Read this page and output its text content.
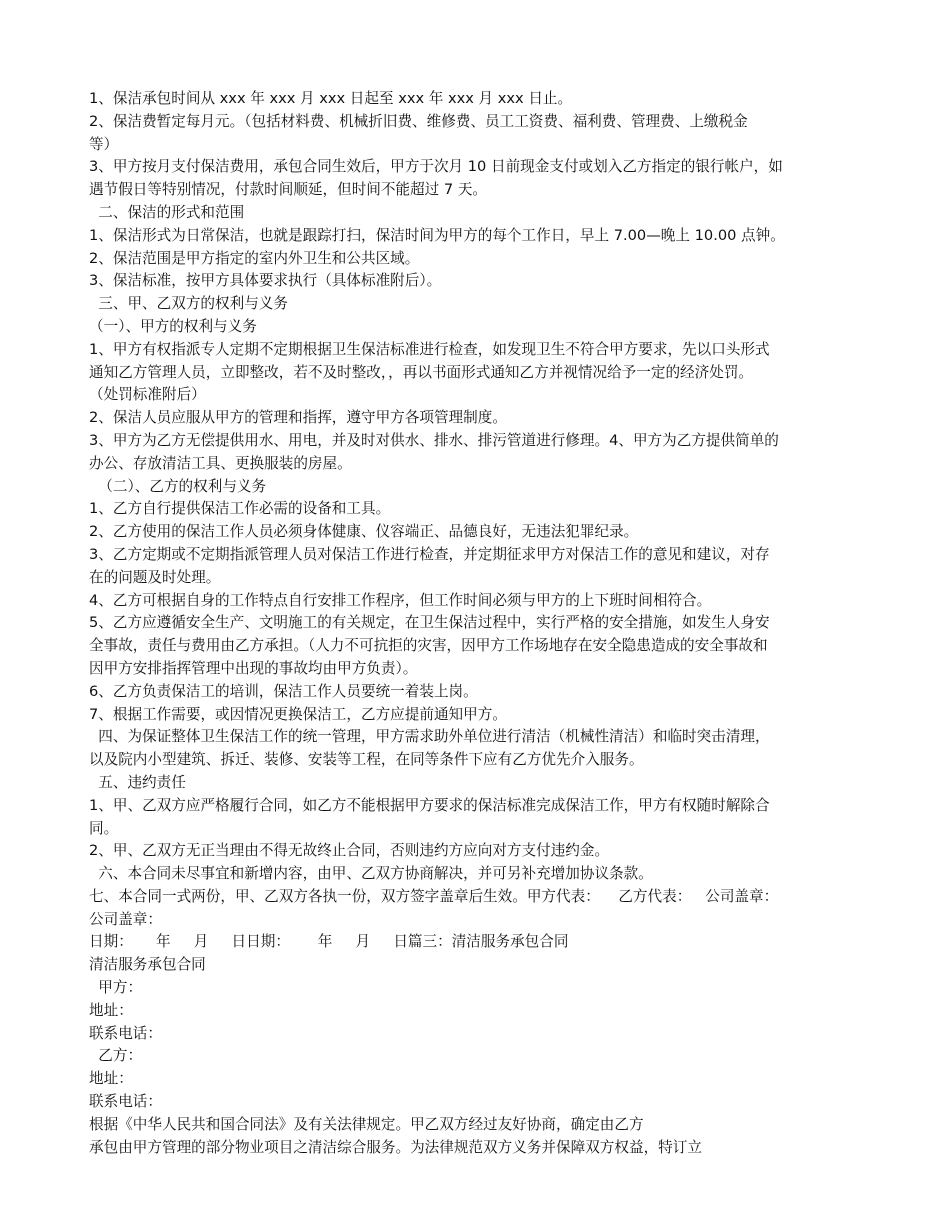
1、保洁承包时间从 xxx 年 xxx 月 xxx 日起至 xxx 年 xxx 月 xxx 日止。

2、保洁费暂定每月元。（包括材料费、机械折旧费、维修费、员工工资费、福利费、管理费、上缴税金

等）

3、甲方按月支付保洁费用，承包合同生效后，甲方于次月 10 日前现金支付或划入乙方指定的银行帐户，如

遇节假日等特别情况，付款时间顺延，但时间不能超过 7 天。

二、保洁的形式和范围

1、保洁形式为日常保洁，也就是跟踪打扫，保洁时间为甲方的每个工作日，早上 7.00—晚上 10.00 点钟。

2、保洁范围是甲方指定的室内外卫生和公共区域。

3、保洁标准，按甲方具体要求执行（具体标准附后）。

三、甲、乙双方的权利与义务

（一）、甲方的权利与义务

1、甲方有权指派专人定期不定期根据卫生保洁标准进行检查，如发现卫生不符合甲方要求，先以口头形式

通知乙方管理人员，立即整改，若不及时整改，，再以书面形式通知乙方并视情况给予一定的经济处罚。

（处罚标准附后）

2、保洁人员应服从甲方的管理和指挥，遵守甲方各项管理制度。

3、甲方为乙方无偿提供用水、用电，并及时对供水、排水、排污管道进行修理。4、甲方为乙方提供简单的

办公、存放清洁工具、更换服装的房屋。

（二）、乙方的权利与义务

1、乙方自行提供保洁工作必需的设备和工具。

2、乙方使用的保洁工作人员必须身体健康、仪容端正、品德良好，无违法犯罪纪录。

3、乙方定期或不定期指派管理人员对保洁工作进行检查，并定期征求甲方对保洁工作的意见和建议，对存

在的问题及时处理。

4、乙方可根据自身的工作特点自行安排工作程序，但工作时间必须与甲方的上下班时间相符合。

5、乙方应遵循安全生产、文明施工的有关规定，在卫生保洁过程中，实行严格的安全措施，如发生人身安

全事故，责任与费用由乙方承担。（人力不可抗拒的灾害，因甲方工作场地存在安全隐患造成的安全事故和

因甲方安排指挥管理中出现的事故均由甲方负责）。

6、乙方负责保洁工的培训，保洁工作人员要统一着装上岗。

7、根据工作需要，或因情况更换保洁工，乙方应提前通知甲方。

四、为保证整体卫生保洁工作的统一管理，甲方需求助外单位进行清洁（机械性清洁）和临时突击清理，

以及院内小型建筑、拆迁、装修、安装等工程，在同等条件下应有乙方优先介入服务。

五、违约责任

1、甲、乙双方应严格履行合同，如乙方不能根据甲方要求的保洁标准完成保洁工作，甲方有权随时解除合

同。

2、甲、乙双方无正当理由不得无故终止合同，否则违约方应向对方支付违约金。

六、本合同未尽事宜和新增内容，由甲、乙双方协商解决，并可另补充增加协议条款。

七、本合同一式两份，甲、乙双方各执一份，双方签字盖章后生效。甲方代表：    乙方代表：   公司盖章：

公司盖章：

日期：     年     月     日日期：      年     月     日篇三：清洁服务承包合同

清洁服务承包合同

甲方：

地址：

联系电话：

乙方：

地址：

联系电话：

根据《中华人民共和国合同法》及有关法律规定。甲乙双方经过友好协商，确定由乙方

承包由甲方管理的部分物业项目之清洁综合服务。为法律规范双方义务并保障双方权益，特订立
